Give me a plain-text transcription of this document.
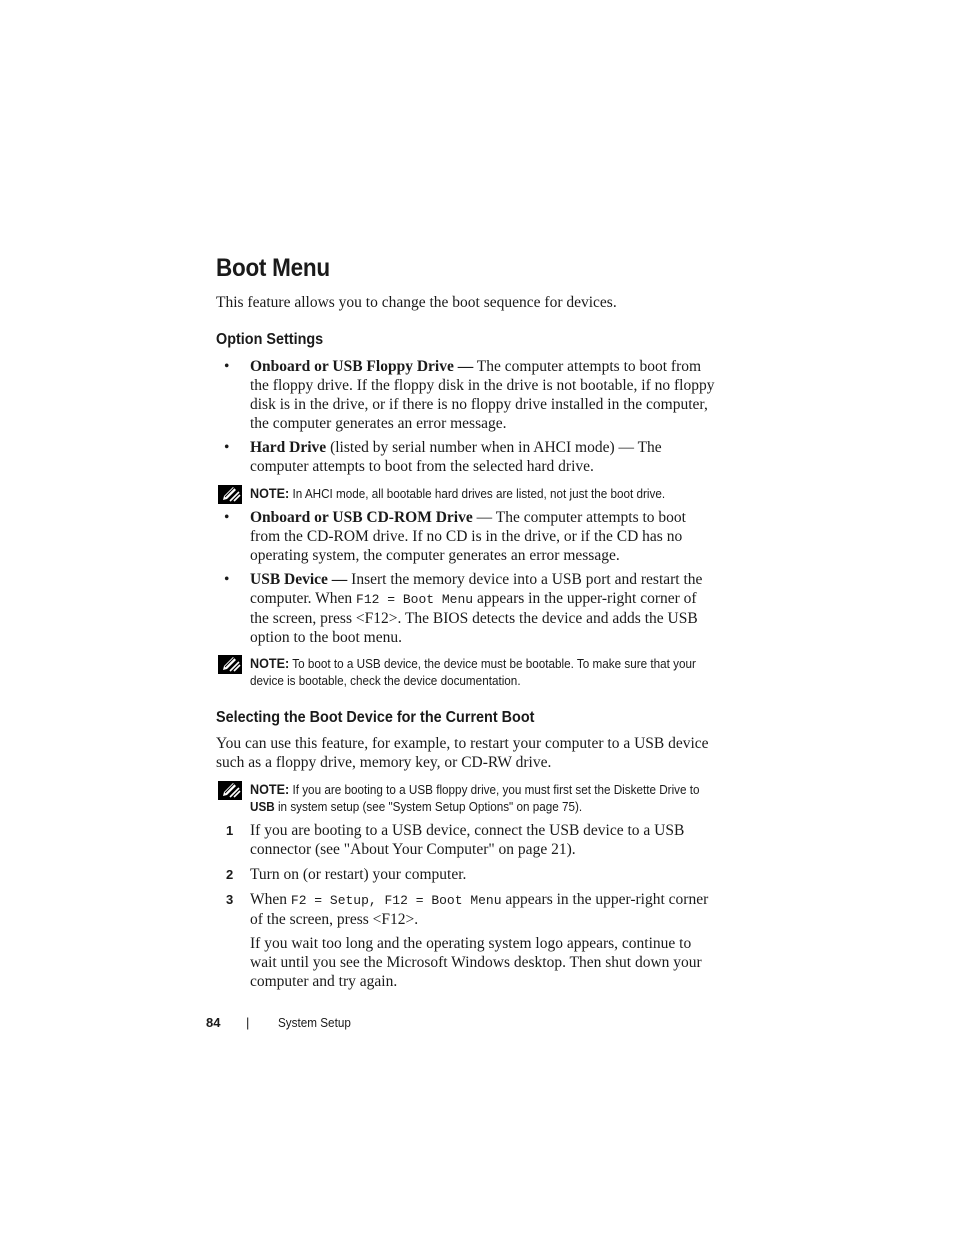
Boot Menu
This feature allows you to change the boot sequence for devices.
Option Settings
• Onboard or USB Floppy Drive — The computer attempts to boot from the floppy drive. If the floppy disk in the drive is not bootable, if no floppy disk is in the drive, or if there is no floppy drive installed in the computer, the computer generates an error message.
• Hard Drive (listed by serial number when in AHCI mode) — The computer attempts to boot from the selected hard drive.
NOTE: In AHCI mode, all bootable hard drives are listed, not just the boot drive.
• Onboard or USB CD-ROM Drive — The computer attempts to boot from the CD-ROM drive. If no CD is in the drive, or if the CD has no operating system, the computer generates an error message.
• USB Device — Insert the memory device into a USB port and restart the computer. When F12 = Boot Menu appears in the upper-right corner of the screen, press <F12>. The BIOS detects the device and adds the USB option to the boot menu.
NOTE: To boot to a USB device, the device must be bootable. To make sure that your device is bootable, check the device documentation.
Selecting the Boot Device for the Current Boot
You can use this feature, for example, to restart your computer to a USB device such as a floppy drive, memory key, or CD-RW drive.
NOTE: If you are booting to a USB floppy drive, you must first set the Diskette Drive to USB in system setup (see "System Setup Options" on page 75).
1 If you are booting to a USB device, connect the USB device to a USB connector (see "About Your Computer" on page 21).
2 Turn on (or restart) your computer.
3 When F2 = Setup, F12 = Boot Menu appears in the upper-right corner of the screen, press <F12>.
If you wait too long and the operating system logo appears, continue to wait until you see the Microsoft Windows desktop. Then shut down your computer and try again.
84 | System Setup
